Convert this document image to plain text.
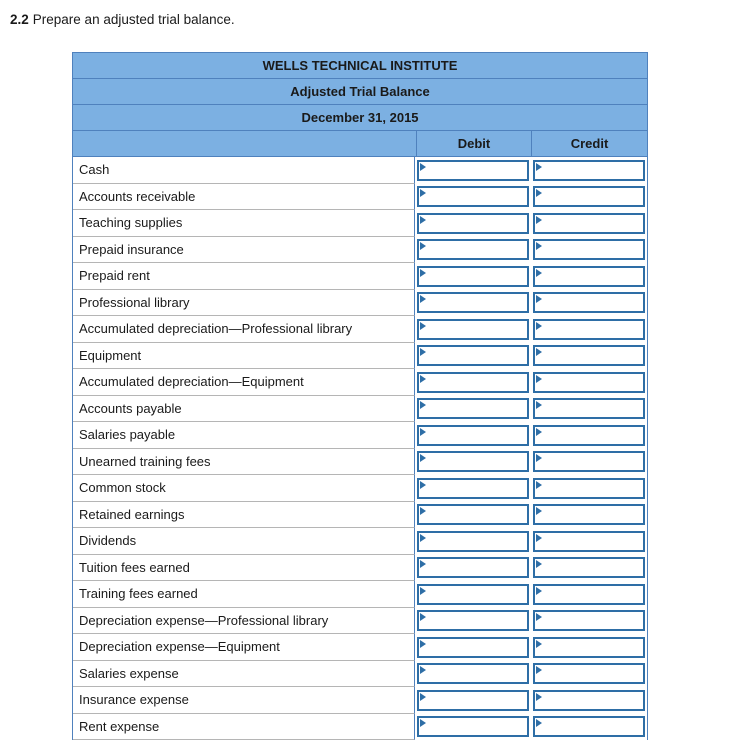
2.2 Prepare an adjusted trial balance.
WELLS TECHNICAL INSTITUTE
Adjusted Trial Balance
December 31, 2015
Debit	Credit
Cash
Accounts receivable
Teaching supplies
Prepaid insurance
Prepaid rent
Professional library
Accumulated depreciation—Professional library
Equipment
Accumulated depreciation—Equipment
Accounts payable
Salaries payable
Unearned training fees
Common stock
Retained earnings
Dividends
Tuition fees earned
Training fees earned
Depreciation expense—Professional library
Depreciation expense—Equipment
Salaries expense
Insurance expense
Rent expense
